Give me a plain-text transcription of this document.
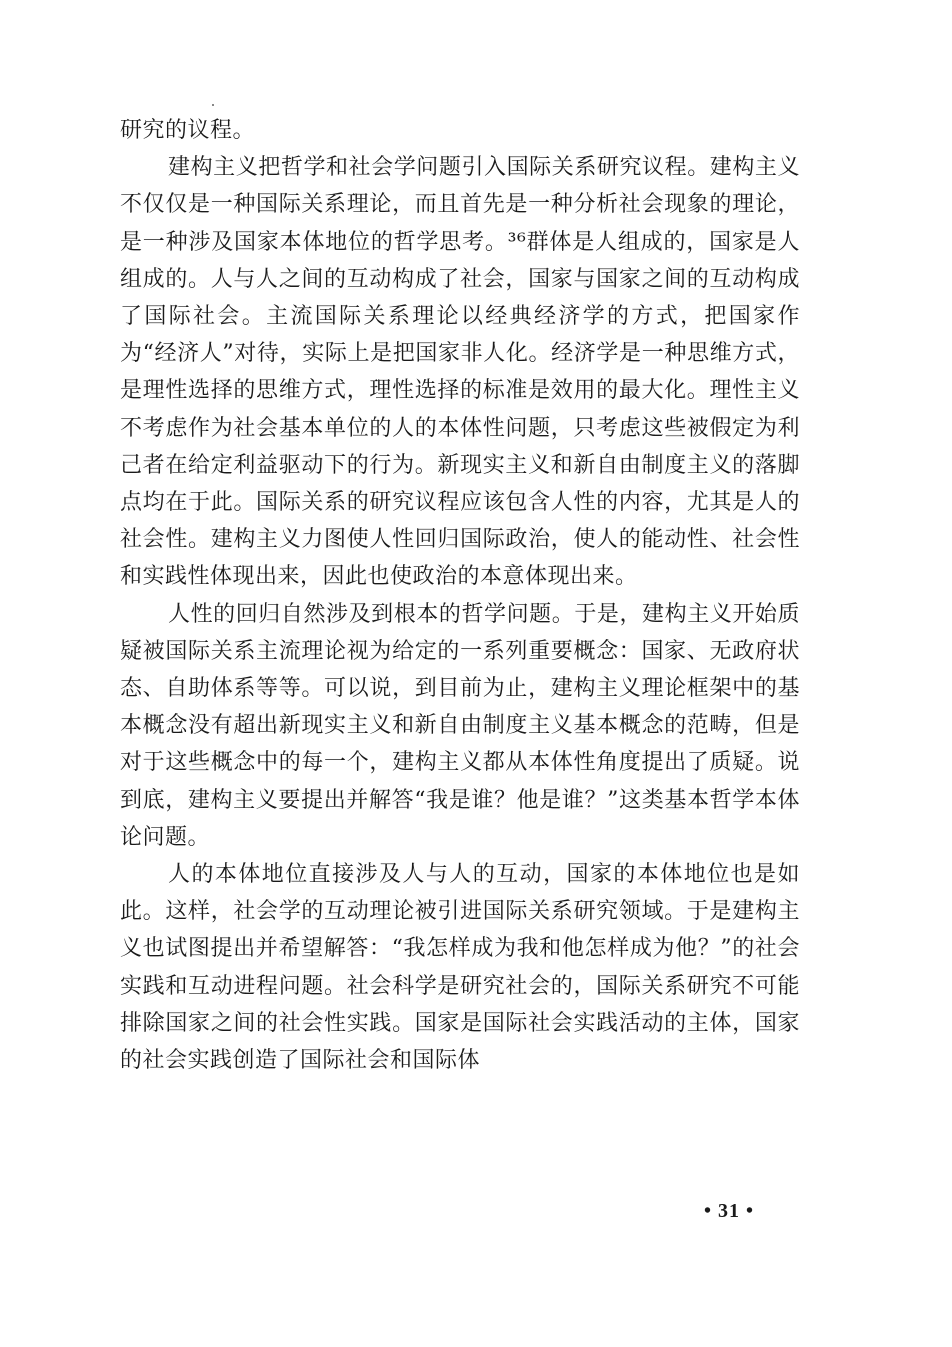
研究的议程。

建构主义把哲学和社会学问题引入国际关系研究议程。建构主义不仅仅是一种国际关系理论，而且首先是一种分析社会现象的理论，是一种涉及国家本体地位的哲学思考。³⁶群体是人组成的，国家是人组成的。人与人之间的互动构成了社会，国家与国家之间的互动构成了国际社会。主流国际关系理论以经典经济学的方式，把国家作为“经济人”对待，实际上是把国家非人化。经济学是一种思维方式，是理性选择的思维方式，理性选择的标准是效用的最大化。理性主义不考虑作为社会基本单位的人的本体性问题，只考虑这些被假定为利己者在给定利益驱动下的行为。新现实主义和新自由制度主义的落脚点均在于此。国际关系的研究议程应该包含人性的内容，尤其是人的社会性。建构主义力图使人性回归国际政治，使人的能动性、社会性和实践性体现出来，因此也使政治的本意体现出来。

人性的回归自然涉及到根本的哲学问题。于是，建构主义开始质疑被国际关系主流理论视为给定的一系列重要概念：国家、无政府状态、自助体系等等。可以说，到目前为止，建构主义理论框架中的基本概念没有超出新现实主义和新自由制度主义基本概念的范畴，但是对于这些概念中的每一个，建构主义都从本体性角度提出了质疑。说到底，建构主义要提出并解答“我是谁？他是谁？”这类基本哲学本体论问题。

人的本体地位直接涉及人与人的互动，国家的本体地位也是如此。这样，社会学的互动理论被引进国际关系研究领域。于是建构主义也试图提出并希望解答：“我怎样成为我和他怎样成为他？”的社会实践和互动进程问题。社会科学是研究社会的，国际关系研究不可能排除国家之间的社会性实践。国家是国际社会实践活动的主体，国家的社会实践创造了国际社会和国际体

• 31 •
